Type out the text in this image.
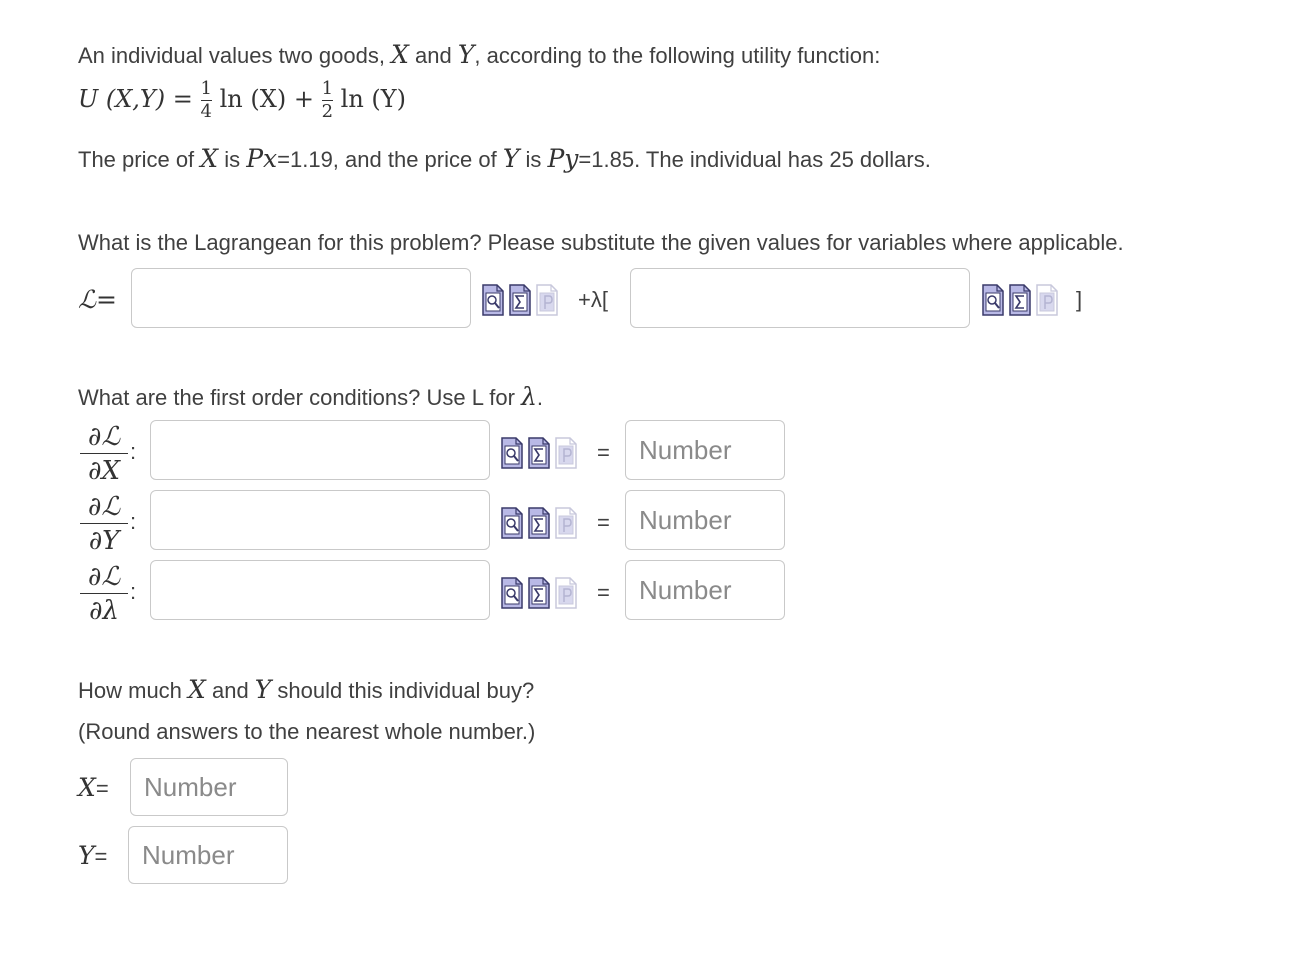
An individual values two goods, X and Y, according to the following utility function:
U $(X,Y) = \frac{1}{4}$ $\ln (X) + \frac{1}{2}$ ln (Y)
The price of X is Px=1.19, and the price of Y is Py=1.85. The individual has 25 dollars.
What is the Lagrangean for this problem? Please substitute the given values for variables where applicable.
ℒ=	+λ[	]
What are the first order conditions? Use L for λ.
∂ℒ
∂X
:	=	Number
∂ℒ
∂Y
:	=	Number
∂ℒ
∂λ
:	=	Number
How much X and Y should this individual buy?
(Round answers to the nearest whole number.)
X=	Number
Y=	Number
